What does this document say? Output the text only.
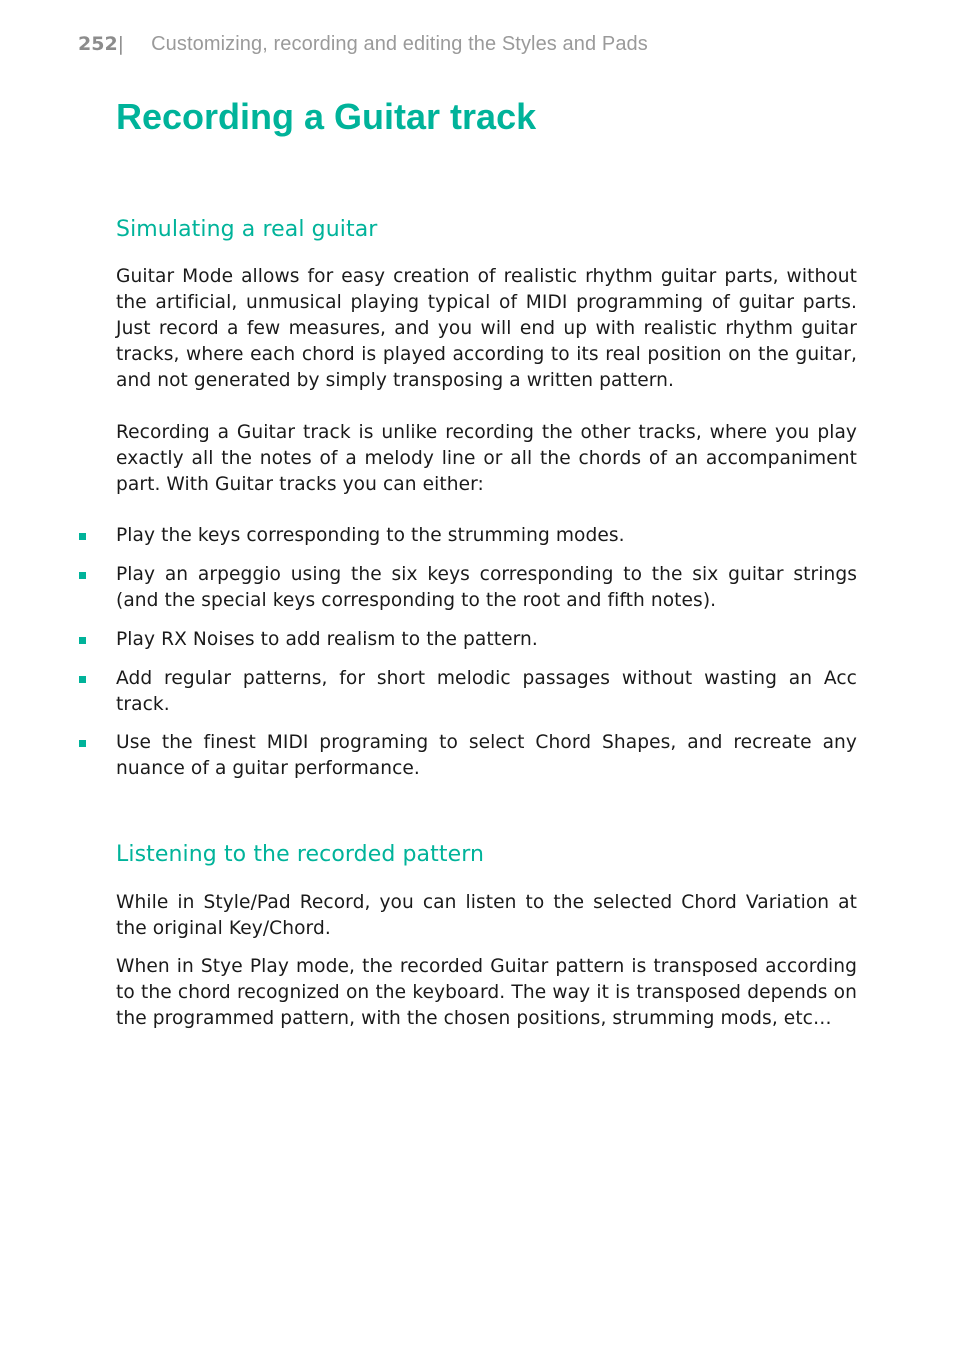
252| Customizing, recording and editing the Styles and Pads
Recording a Guitar track
Simulating a real guitar

Guitar Mode allows for easy creation of realistic rhythm guitar parts, without the artificial, unmusical playing typical of MIDI programming of guitar parts. Just record a few measures, and you will end up with realistic rhythm guitar tracks, where each chord is played according to its real position on the guitar, and not generated by simply transposing a written pattern.

Recording a Guitar track is unlike recording the other tracks, where you play exactly all the notes of a melody line or all the chords of an accompaniment part. With Guitar tracks you can either:

Play the keys corresponding to the strumming modes.
Play an arpeggio using the six keys corresponding to the six guitar strings (and the special keys corresponding to the root and fifth notes).
Play RX Noises to add realism to the pattern.
Add regular patterns, for short melodic passages without wasting an Acc track.
Use the finest MIDI programing to select Chord Shapes, and recreate any nuance of a guitar performance.
Listening to the recorded pattern

While in Style/Pad Record, you can listen to the selected Chord Variation at the original Key/Chord.

When in Stye Play mode, the recorded Guitar pattern is transposed according to the chord recognized on the keyboard. The way it is transposed depends on the programmed pattern, with the chosen positions, strumming mods, etc…
